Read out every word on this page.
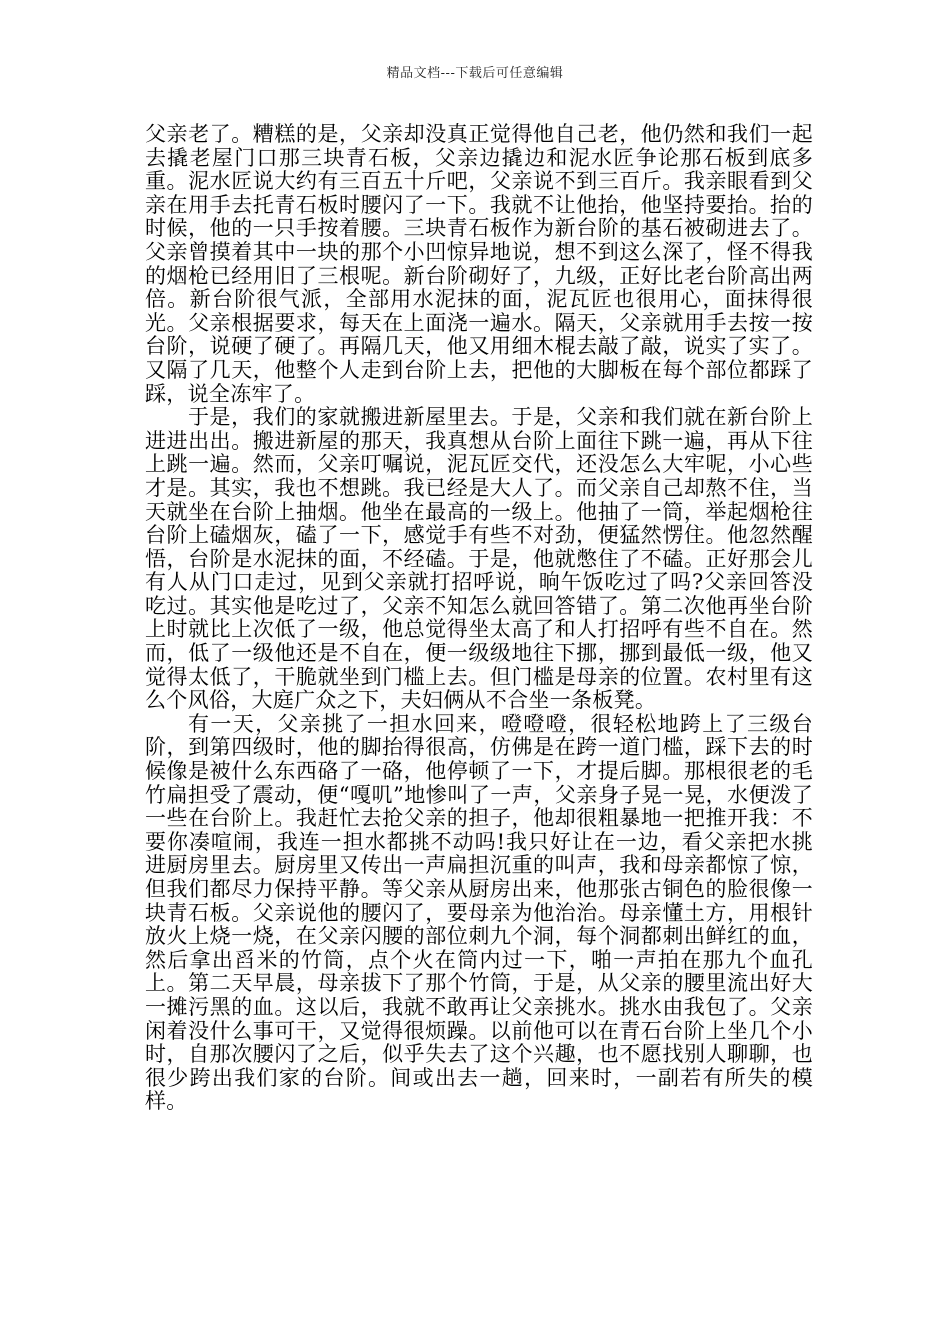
精品文档---下载后可任意编辑

父亲老了。糟糕的是，父亲却没真正觉得他自己老，他仍然和我们一起去撬老屋门口那三块青石板，父亲边撬边和泥水匠争论那石板到底多重。泥水匠说大约有三百五十斤吧，父亲说不到三百斤。我亲眼看到父亲在用手去托青石板时腰闪了一下。我就不让他抬，他坚持要抬。抬的时候，他的一只手按着腰。三块青石板作为新台阶的基石被砌进去了。父亲曾摸着其中一块的那个小凹惊异地说，想不到这么深了，怪不得我的烟枪已经用旧了三根呢。新台阶砌好了，九级，正好比老台阶高出两倍。新台阶很气派，全部用水泥抹的面，泥瓦匠也很用心，面抹得很光。父亲根据要求，每天在上面浇一遍水。隔天，父亲就用手去按一按台阶，说硬了硬了。再隔几天，他又用细木棍去敲了敲，说实了实了。又隔了几天，他整个人走到台阶上去，把他的大脚板在每个部位都踩了踩，说全冻牢了。

于是，我们的家就搬进新屋里去。于是，父亲和我们就在新台阶上进进出出。搬进新屋的那天，我真想从台阶上面往下跳一遍，再从下往上跳一遍。然而，父亲叮嘱说，泥瓦匠交代，还没怎么大牢呢，小心些才是。其实，我也不想跳。我已经是大人了。而父亲自己却熬不住，当天就坐在台阶上抽烟。他坐在最高的一级上。他抽了一筒，举起烟枪往台阶上磕烟灰，磕了一下，感觉手有些不对劲，便猛然愣住。他忽然醒悟，台阶是水泥抹的面，不经磕。于是，他就憋住了不磕。正好那会儿有人从门口走过，见到父亲就打招呼说，晌午饭吃过了吗?父亲回答没吃过。其实他是吃过了，父亲不知怎么就回答错了。第二次他再坐台阶上时就比上次低了一级，他总觉得坐太高了和人打招呼有些不自在。然而，低了一级他还是不自在，便一级级地往下挪，挪到最低一级，他又觉得太低了，干脆就坐到门槛上去。但门槛是母亲的位置。农村里有这么个风俗，大庭广众之下，夫妇俩从不合坐一条板凳。

有一天，父亲挑了一担水回来，噔噔噔，很轻松地跨上了三级台阶，到第四级时，他的脚抬得很高，仿佛是在跨一道门槛，踩下去的时候像是被什么东西硌了一硌，他停顿了一下，才提后脚。那根很老的毛竹扁担受了震动，便“嘎叽”地惨叫了一声，父亲身子晃一晃，水便泼了一些在台阶上。我赶忙去抢父亲的担子，他却很粗暴地一把推开我：不要你凑喧闹，我连一担水都挑不动吗!我只好让在一边，看父亲把水挑进厨房里去。厨房里又传出一声扁担沉重的叫声，我和母亲都惊了惊，但我们都尽力保持平静。等父亲从厨房出来，他那张古铜色的脸很像一块青石板。父亲说他的腰闪了，要母亲为他治治。母亲懂土方，用根针放火上烧一烧，在父亲闪腰的部位刺九个洞，每个洞都刺出鲜红的血，然后拿出舀米的竹筒，点个火在筒内过一下，啪一声拍在那九个血孔上。第二天早晨，母亲拔下了那个竹筒，于是，从父亲的腰里流出好大一摊污黑的血。这以后，我就不敢再让父亲挑水。挑水由我包了。父亲闲着没什么事可干，又觉得很烦躁。以前他可以在青石台阶上坐几个小时，自那次腰闪了之后，似乎失去了这个兴趣，也不愿找别人聊聊，也很少跨出我们家的台阶。间或出去一趟，回来时，一副若有所失的模样。
